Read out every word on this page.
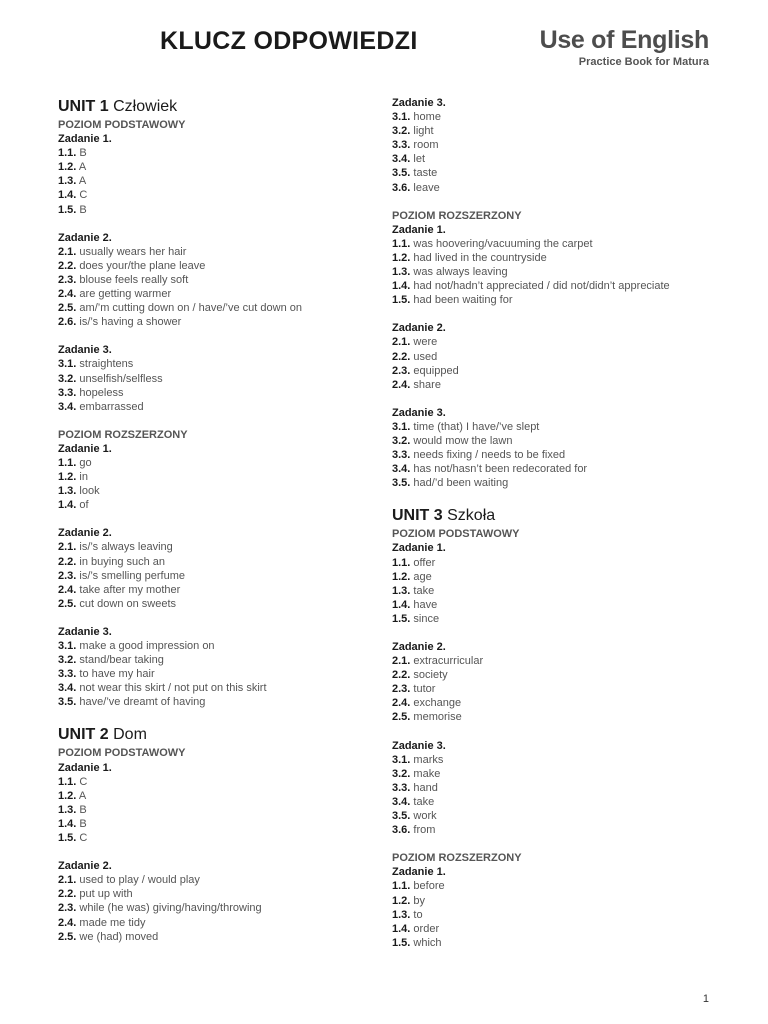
KLUCZ ODPOWIEDZI	Use of English
Practice Book for Matura
UNIT 1 Człowiek
POZIOM PODSTAWOWY
Zadanie 1.
1.1. B
1.2. A
1.3. A
1.4. C
1.5. B
Zadanie 2.
2.1. usually wears her hair
2.2. does your/the plane leave
2.3. blouse feels really soft
2.4. are getting warmer
2.5. am/’m cutting down on / have/’ve cut down on
2.6. is/’s having a shower
Zadanie 3.
3.1. straightens
3.2. unselfish/selfless
3.3. hopeless
3.4. embarrassed
POZIOM ROZSZERZONY
Zadanie 1.
1.1. go
1.2. in
1.3. look
1.4. of
Zadanie 2.
2.1. is/’s always leaving
2.2. in buying such an
2.3. is/’s smelling perfume
2.4. take after my mother
2.5. cut down on sweets
Zadanie 3.
3.1. make a good impression on
3.2. stand/bear taking
3.3. to have my hair
3.4. not wear this skirt / not put on this skirt
3.5. have/’ve dreamt of having
UNIT 2 Dom
POZIOM PODSTAWOWY
Zadanie 1.
1.1. C
1.2. A
1.3. B
1.4. B
1.5. C
Zadanie 2.
2.1. used to play / would play
2.2. put up with
2.3. while (he was) giving/having/throwing
2.4. made me tidy
2.5. we (had) moved
Zadanie 3.
3.1. home
3.2. light
3.3. room
3.4. let
3.5. taste
3.6. leave
POZIOM ROZSZERZONY
Zadanie 1.
1.1. was hoovering/vacuuming the carpet
1.2. had lived in the countryside
1.3. was always leaving
1.4. had not/hadn’t appreciated / did not/didn’t appreciate
1.5. had been waiting for
Zadanie 2.
2.1. were
2.2. used
2.3. equipped
2.4. share
Zadanie 3.
3.1. time (that) I have/’ve slept
3.2. would mow the lawn
3.3. needs fixing / needs to be fixed
3.4. has not/hasn’t been redecorated for
3.5. had/’d been waiting
UNIT 3 Szkoła
POZIOM PODSTAWOWY
Zadanie 1.
1.1. offer
1.2. age
1.3. take
1.4. have
1.5. since
Zadanie 2.
2.1. extracurricular
2.2. society
2.3. tutor
2.4. exchange
2.5. memorise
Zadanie 3.
3.1. marks
3.2. make
3.3. hand
3.4. take
3.5. work
3.6. from
POZIOM ROZSZERZONY
Zadanie 1.
1.1. before
1.2. by
1.3. to
1.4. order
1.5. which
1
